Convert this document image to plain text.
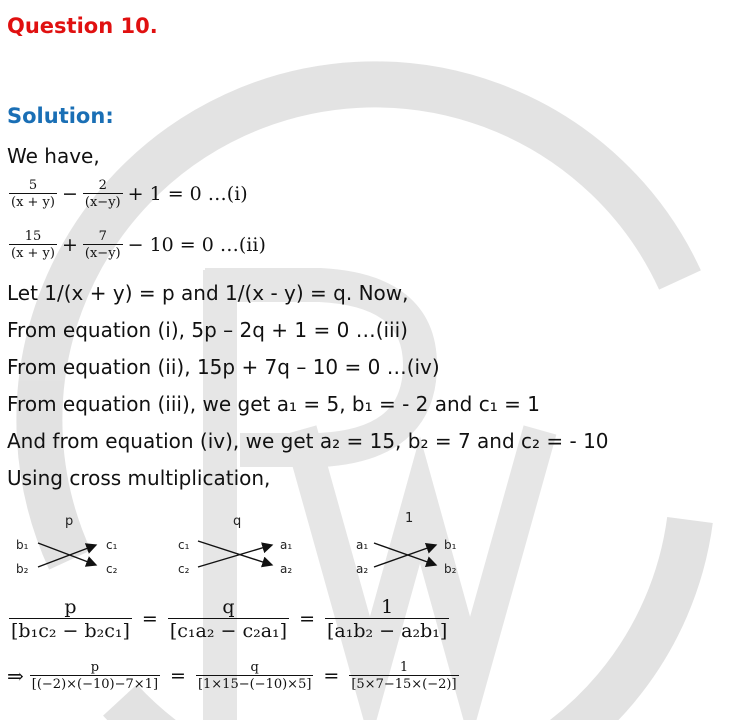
Question 10.
Solution:
We have,
$\frac{5}{(x + y)} - \frac{2}{(x-y)} + 1 = 0$ …(i)
$\frac{15}{(x + y)} + \frac{7}{(x-y)} - 10 = 0$ …(ii)
Let 1/(x + y) = p and 1/(x - y) = q. Now,
From equation (i), 5p – 2q + 1 = 0 …(iii)
From equation (ii), 15p + 7q – 10 = 0 …(iv)
From equation (iii), we get a₁ = 5, b₁ = - 2 and c₁ = 1
And from equation (iv), we get a₂ = 15, b₂ = 7 and c₂ = - 10
Using cross multiplication,
p
b₁
b₂
c₁
c₂
q
c₁
c₂
a₁
a₂
1
a₁
a₂
b₁
b₂
$\frac{p}{\text{[b₁c₂ − b₂c₁]}} = \frac{q}{\text{[c₁a₂ − c₂a₁]}} = \frac{1}{\text{[a₁b₂ − a₂b₁]}}$
⇒ $\frac{p}{[(-2)\times(-10)-7\times 1]} = \frac{q}{[1\times 15-(-10)\times 5]} = \frac{1}{[5\times 7-15\times(-2)]}$
